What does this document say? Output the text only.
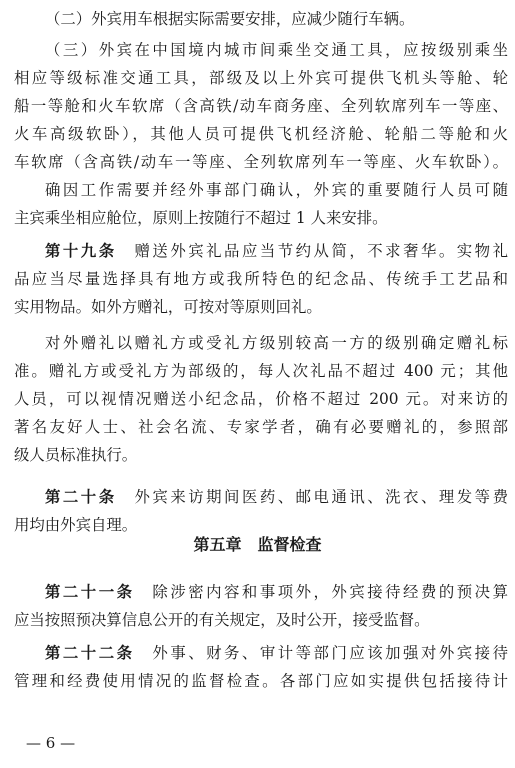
（二）外宾用车根据实际需要安排，应减少随行车辆。
（三）外宾在中国境内城市间乘坐交通工具，应按级别乘坐
相应等级标准交通工具，部级及以上外宾可提供飞机头等舱、轮
船一等舱和火车软席（含高铁/动车商务座、全列软席列车一等座、
火车高级软卧），其他人员可提供飞机经济舱、轮船二等舱和火
车软席（含高铁/动车一等座、全列软席列车一等座、火车软卧）。
确因工作需要并经外事部门确认，外宾的重要随行人员可随
主宾乘坐相应舱位，原则上按随行不超过 1 人来安排。
第十九条　 赠送外宾礼品应当节约从简，不求奢华。实物礼
品应当尽量选择具有地方或我所特色的纪念品、传统手工艺品和
实用物品。如外方赠礼，可按对等原则回礼。
对外赠礼以赠礼方或受礼方级别较高一方的级别确定赠礼标
准。赠礼方或受礼方为部级的，每人次礼品不超过 400 元；其他
人员，可以视情况赠送小纪念品，价格不超过 200 元。对来访的
著名友好人士、社会名流、专家学者，确有必要赠礼的，参照部
级人员标准执行。
第二十条　 外宾来访期间医药、邮电通讯、洗衣、理发等费
用均由外宾自理。
第五章　监督检查
第二十一条　 除涉密内容和事项外，外宾接待经费的预决算
应当按照预决算信息公开的有关规定，及时公开，接受监督。
第二十二条　 外事、财务、审计等部门应该加强对外宾接待
管理和经费使用情况的监督检查。各部门应如实提供包括接待计
— 6 —
